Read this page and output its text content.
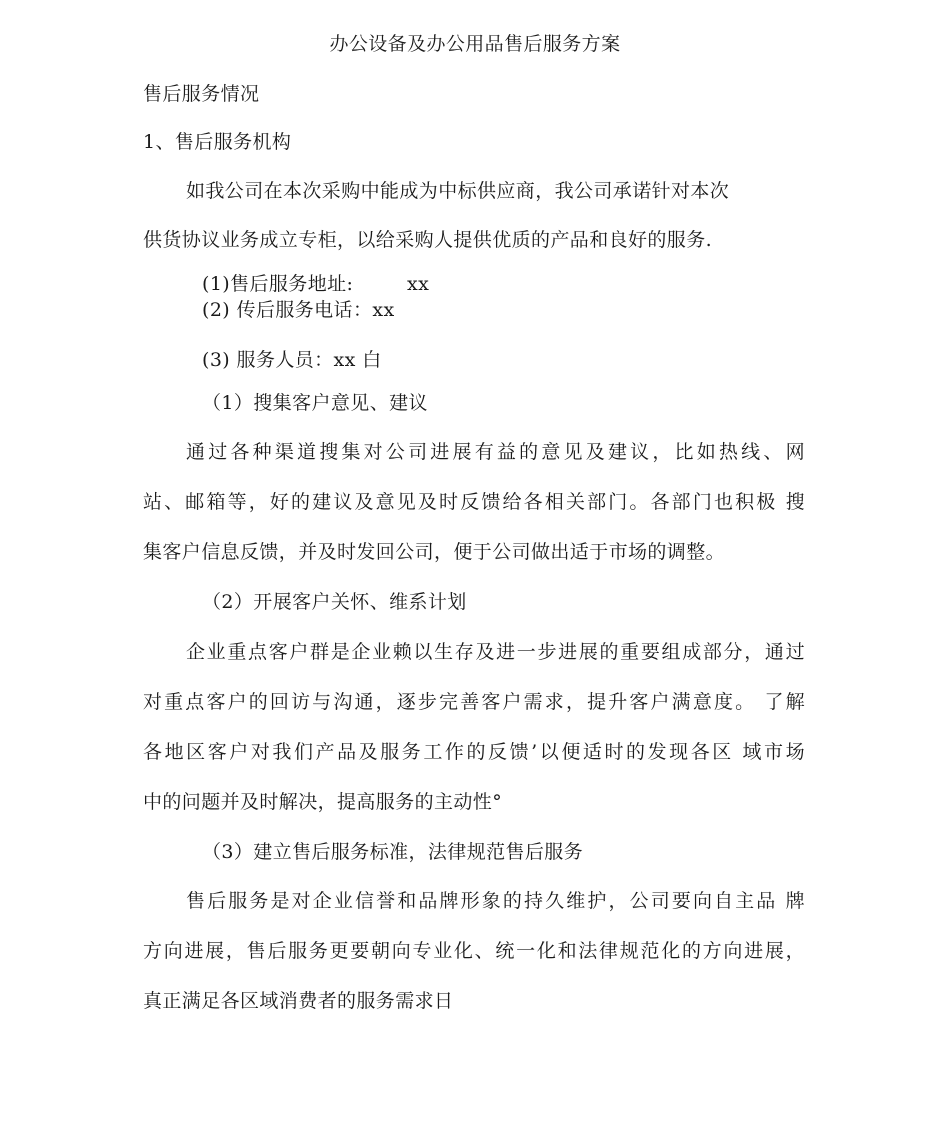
办公设备及办公用品售后服务方案
售后服务情况
1、售后服务机构
如我公司在本次采购中能成为中标供应商，我公司承诺针对本次
供货协议业务成立专柜，以给采购人提供优质的产品和良好的服务.
(1)售后服务地址:	xx
(2) 传后服务电话：xx
(3) 服务人员：xx 白
（1）搜集客户意见、建议
通过各种渠道搜集对公司进展有益的意见及建议，比如热线、网
站、邮箱等，好的建议及意见及时反馈给各相关部门。各部门也积极 搜
集客户信息反馈，并及时发回公司，便于公司做出适于市场的调整。
（2）开展客户关怀、维系计划
企业重点客户群是企业赖以生存及进一步进展的重要组成部分，通过
对重点客户的回访与沟通，逐步完善客户需求，提升客户满意度。 了解
各地区客户对我们产品及服务工作的反馈’以便适时的发现各区 域市场
中的问题并及时解决，提高服务的主动性°
（3）建立售后服务标准，法律规范售后服务
售后服务是对企业信誉和品牌形象的持久维护，公司要向自主品 牌
方向进展，售后服务更要朝向专业化、统一化和法律规范化的方向进展，
真正满足各区域消费者的服务需求日
